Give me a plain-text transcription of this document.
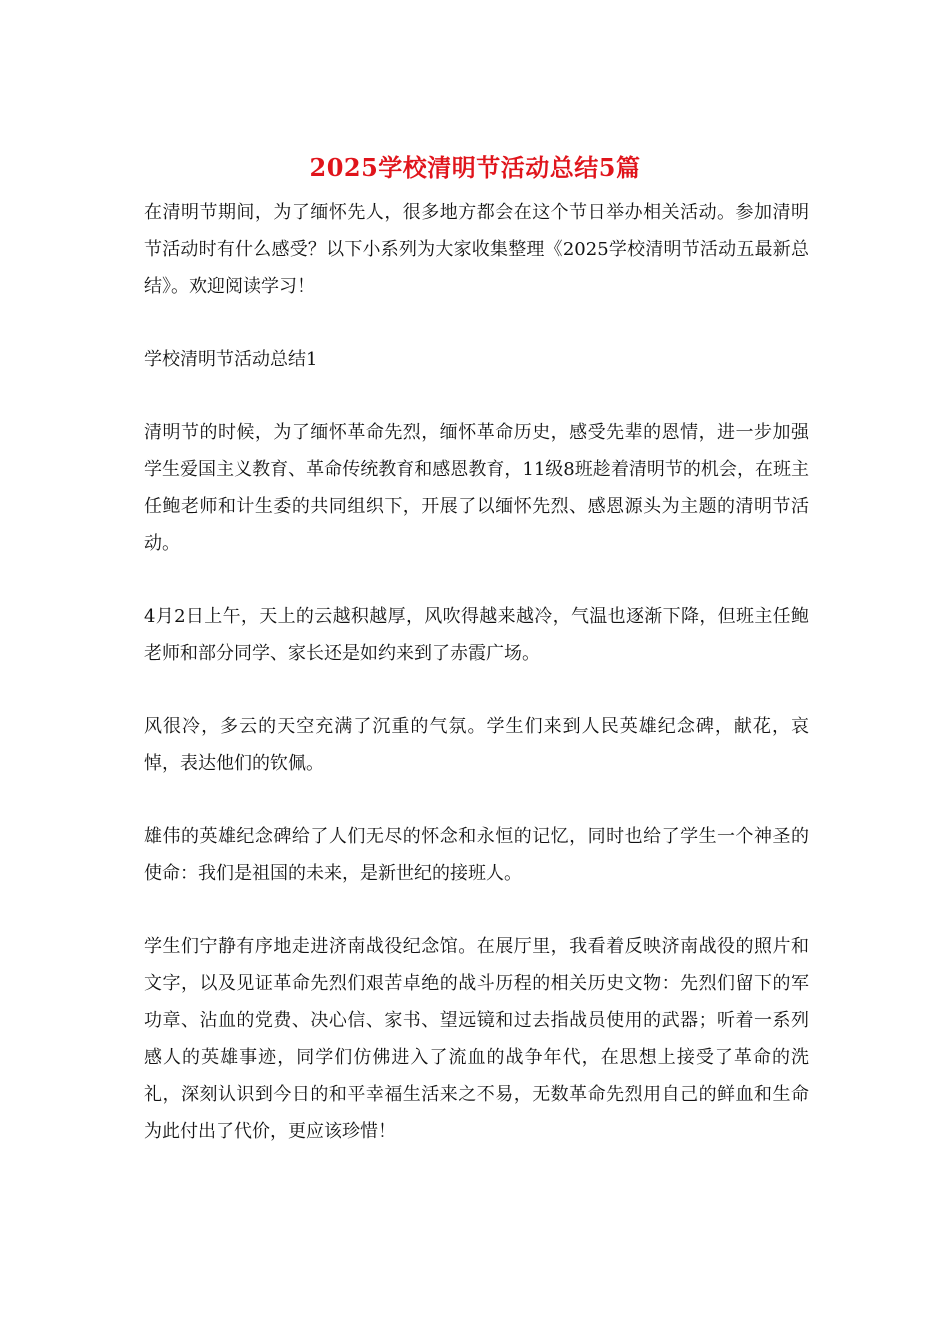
2025学校清明节活动总结5篇

在清明节期间，为了缅怀先人，很多地方都会在这个节日举办相关活动。参加清明节活动时有什么感受？以下小系列为大家收集整理《2025学校清明节活动五最新总结》。欢迎阅读学习！

学校清明节活动总结1

清明节的时候，为了缅怀革命先烈，缅怀革命历史，感受先辈的恩情，进一步加强学生爱国主义教育、革命传统教育和感恩教育，11级8班趁着清明节的机会，在班主任鲍老师和计生委的共同组织下，开展了以缅怀先烈、感恩源头为主题的清明节活动。

4月2日上午，天上的云越积越厚，风吹得越来越冷，气温也逐渐下降，但班主任鲍老师和部分同学、家长还是如约来到了赤霞广场。

风很冷，多云的天空充满了沉重的气氛。学生们来到人民英雄纪念碑，献花，哀悼，表达他们的钦佩。

雄伟的英雄纪念碑给了人们无尽的怀念和永恒的记忆，同时也给了学生一个神圣的使命：我们是祖国的未来，是新世纪的接班人。

学生们宁静有序地走进济南战役纪念馆。在展厅里，我看着反映济南战役的照片和文字，以及见证革命先烈们艰苦卓绝的战斗历程的相关历史文物：先烈们留下的军功章、沾血的党费、决心信、家书、望远镜和过去指战员使用的武器；听着一系列感人的英雄事迹，同学们仿佛进入了流血的战争年代，在思想上接受了革命的洗礼，深刻认识到今日的和平幸福生活来之不易，无数革命先烈用自己的鲜血和生命为此付出了代价，更应该珍惜！
